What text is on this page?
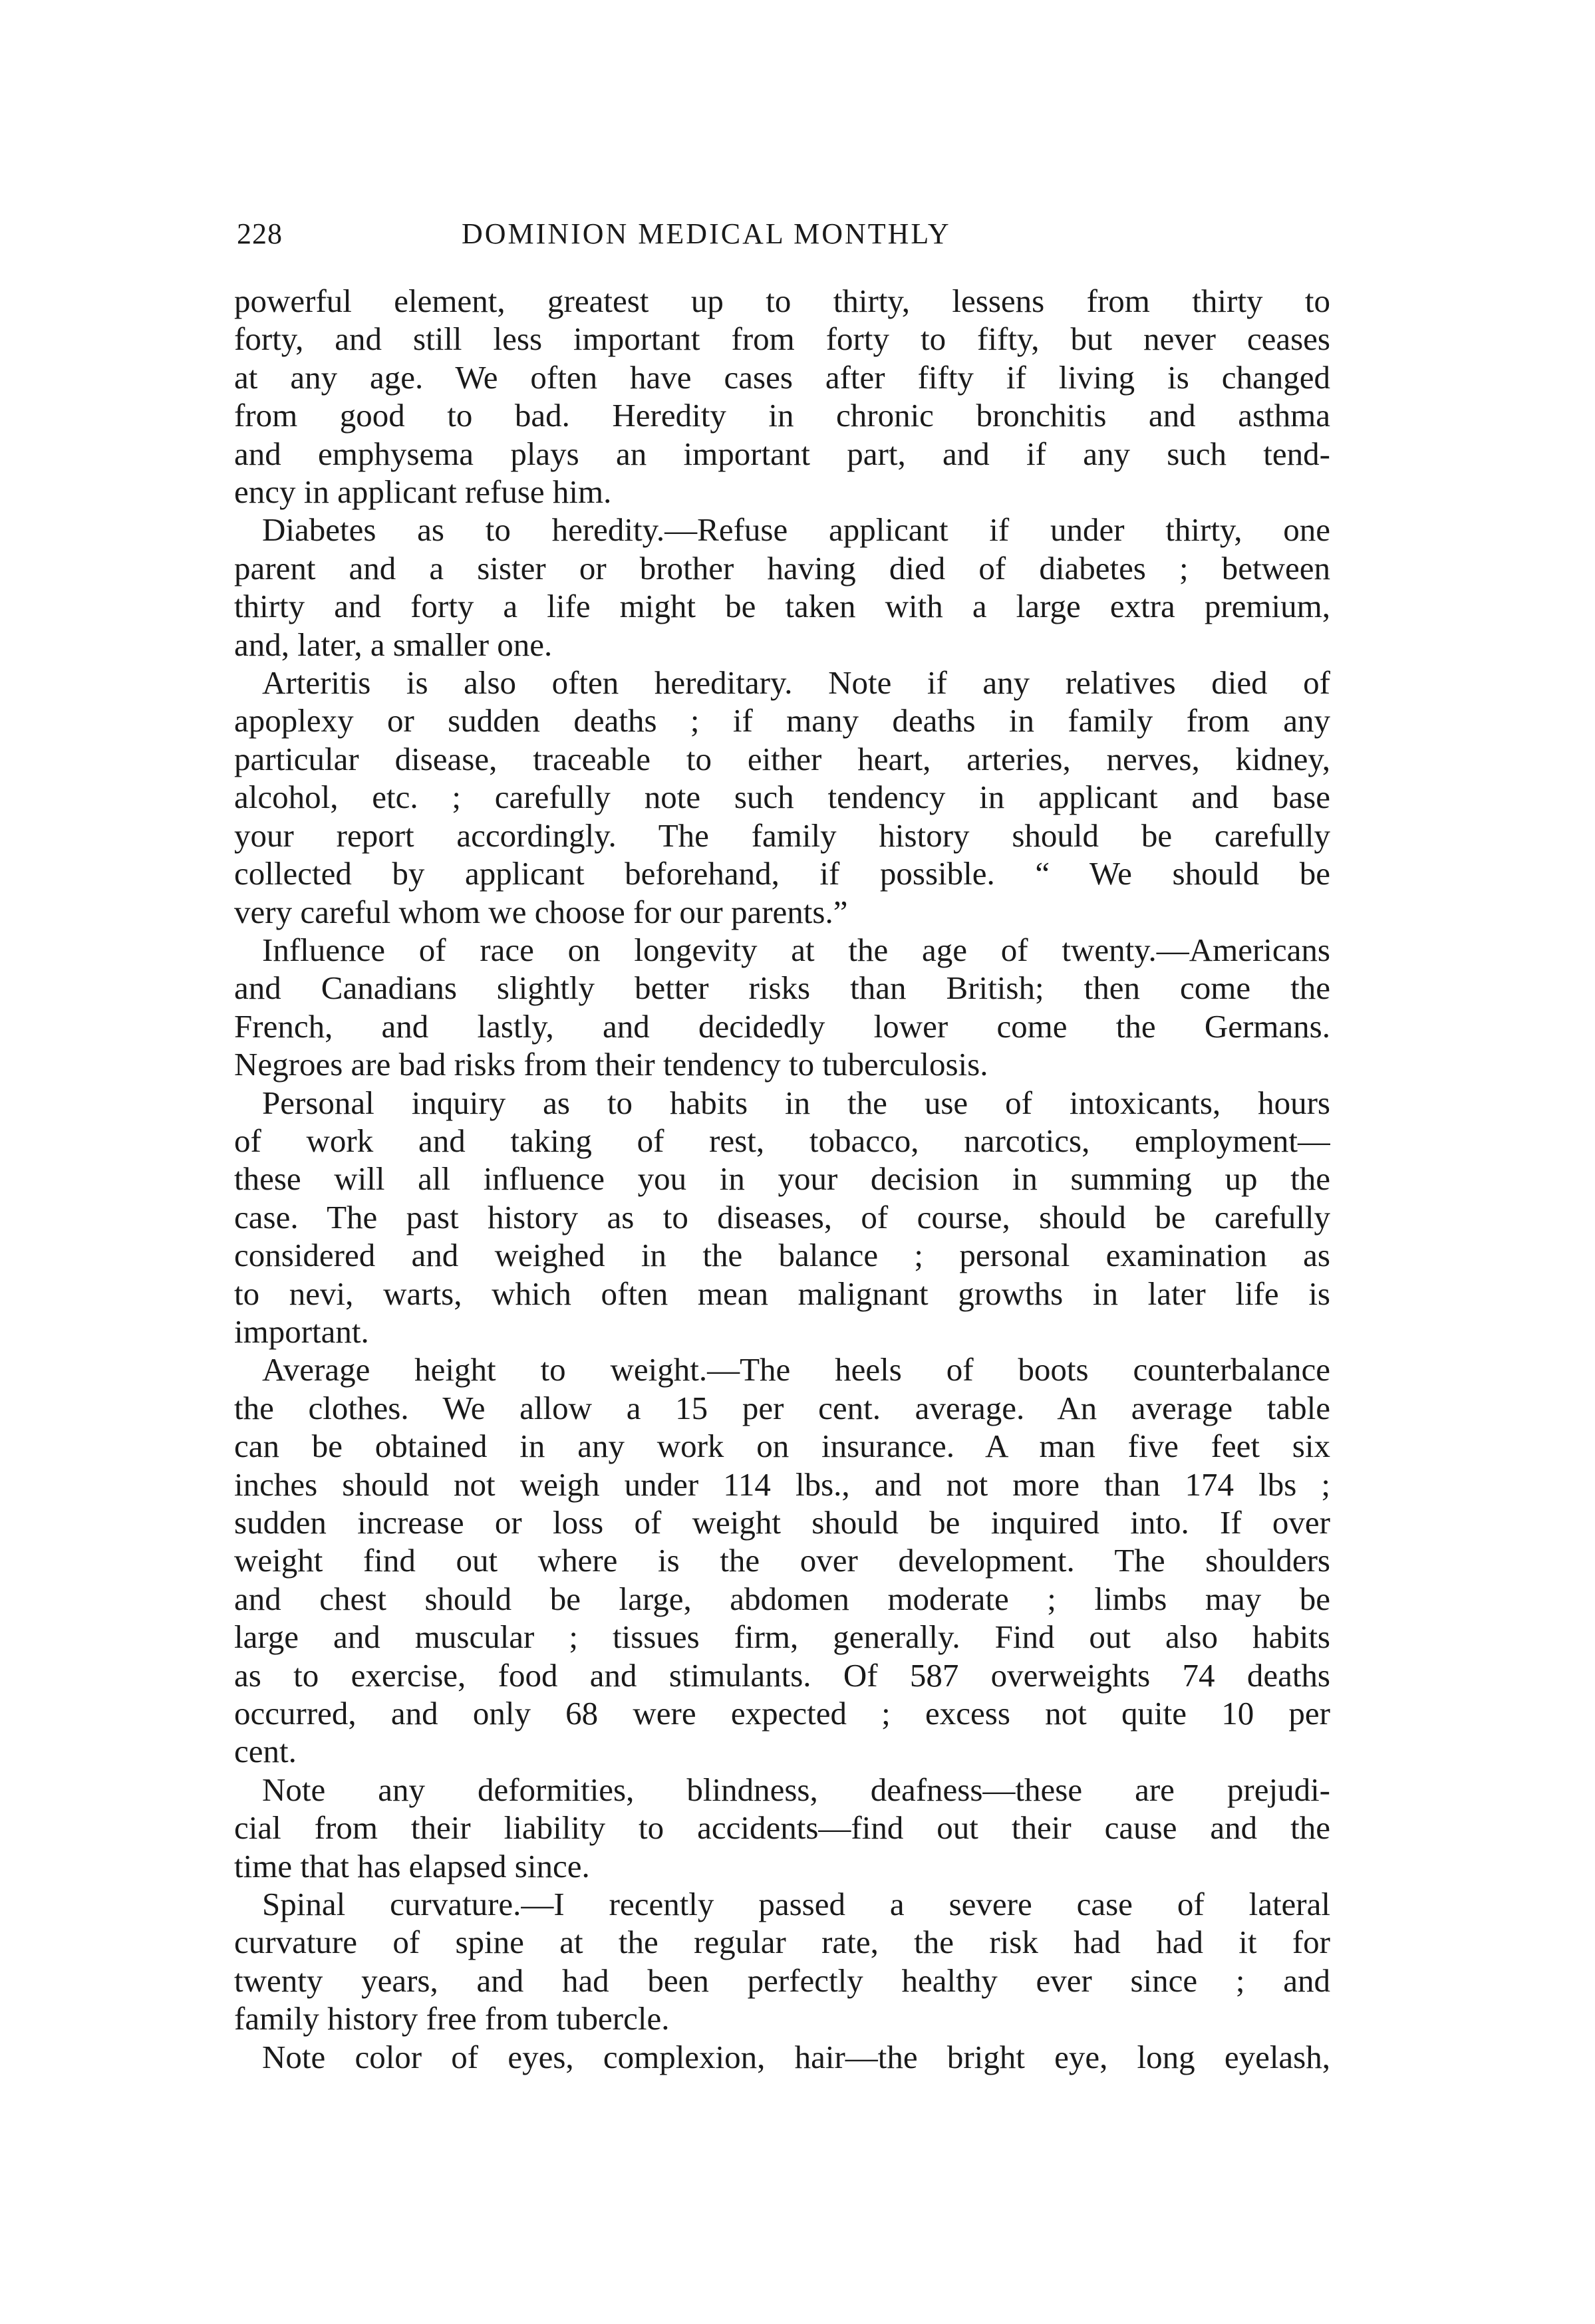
228	DOMINION MEDICAL MONTHLY
powerful element, greatest up to thirty, lessens from thirty to
forty, and still less important from forty to fifty, but never ceases
at any age. We often have cases after fifty if living is changed
from good to bad. Heredity in chronic bronchitis and asthma
and emphysema plays an important part, and if any such tend-
ency in applicant refuse him.
Diabetes as to heredity.—Refuse applicant if under thirty, one
parent and a sister or brother having died of diabetes ; between
thirty and forty a life might be taken with a large extra premium,
and, later, a smaller one.
Arteritis is also often hereditary. Note if any relatives died of
apoplexy or sudden deaths ; if many deaths in family from any
particular disease, traceable to either heart, arteries, nerves, kidney,
alcohol, etc. ; carefully note such tendency in applicant and base
your report accordingly. The family history should be carefully
collected by applicant beforehand, if possible. “ We should be
very careful whom we choose for our parents.”
Influence of race on longevity at the age of twenty.—Americans
and Canadians slightly better risks than British; then come the
French, and lastly, and decidedly lower come the Germans.
Negroes are bad risks from their tendency to tuberculosis.
Personal inquiry as to habits in the use of intoxicants, hours
of work and taking of rest, tobacco, narcotics, employment—
these will all influence you in your decision in summing up the
case. The past history as to diseases, of course, should be carefully
considered and weighed in the balance ; personal examination as
to nevi, warts, which often mean malignant growths in later life is
important.
Average height to weight.—The heels of boots counterbalance
the clothes. We allow a 15 per cent. average. An average table
can be obtained in any work on insurance. A man five feet six
inches should not weigh under 114 lbs., and not more than 174 lbs ;
sudden increase or loss of weight should be inquired into. If over
weight find out where is the over development. The shoulders
and chest should be large, abdomen moderate ; limbs may be
large and muscular ; tissues firm, generally. Find out also habits
as to exercise, food and stimulants. Of 587 overweights 74 deaths
occurred, and only 68 were expected ; excess not quite 10 per
cent.
Note any deformities, blindness, deafness—these are prejudi-
cial from their liability to accidents—find out their cause and the
time that has elapsed since.
Spinal curvature.—I recently passed a severe case of lateral
curvature of spine at the regular rate, the risk had had it for
twenty years, and had been perfectly healthy ever since ; and
family history free from tubercle.
Note color of eyes, complexion, hair—the bright eye, long eyelash,
